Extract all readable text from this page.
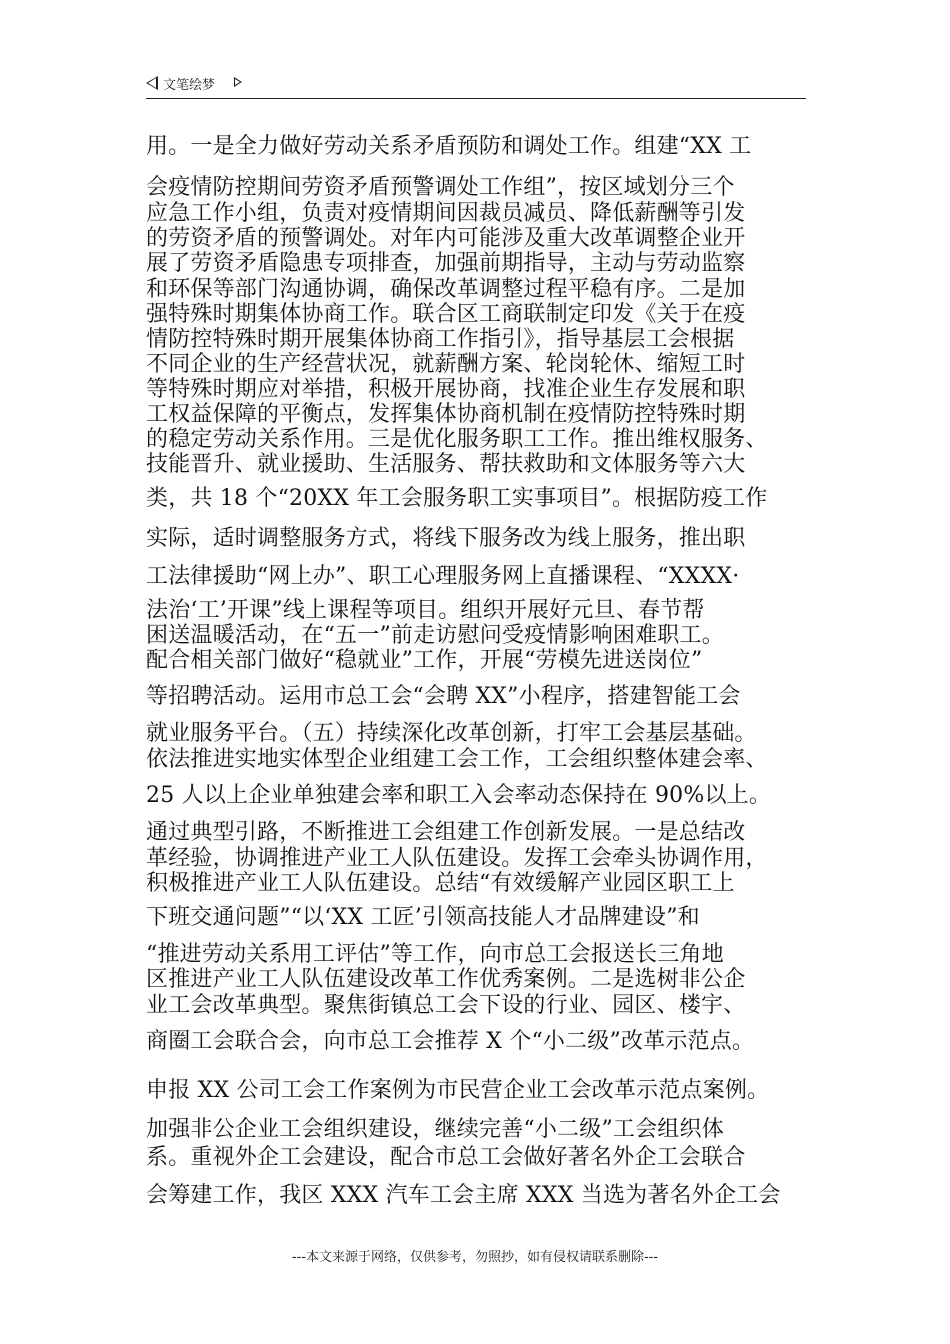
文笔绘梦
用。一是全力做好劳动关系矛盾预防和调处工作。组建“XX 工
会疫情防控期间劳资矛盾预警调处工作组”，按区域划分三个
应急工作小组，负责对疫情期间因裁员减员、降低薪酬等引发
的劳资矛盾的预警调处。对年内可能涉及重大改革调整企业开
展了劳资矛盾隐患专项排查，加强前期指导，主动与劳动监察
和环保等部门沟通协调，确保改革调整过程平稳有序。二是加
强特殊时期集体协商工作。联合区工商联制定印发《关于在疫
情防控特殊时期开展集体协商工作指引》，指导基层工会根据
不同企业的生产经营状况，就薪酬方案、轮岗轮休、缩短工时
等特殊时期应对举措，积极开展协商，找准企业生存发展和职
工权益保障的平衡点，发挥集体协商机制在疫情防控特殊时期
的稳定劳动关系作用。三是优化服务职工工作。推出维权服务、
技能晋升、就业援助、生活服务、帮扶救助和文体服务等六大
类，共 18 个“20XX 年工会服务职工实事项目”。根据防疫工作
实际，适时调整服务方式，将线下服务改为线上服务，推出职
工法律援助“网上办”、职工心理服务网上直播课程、“XXXX·
法治‘工’开课”线上课程等项目。组织开展好元旦、春节帮
困送温暖活动，在“五一”前走访慰问受疫情影响困难职工。
配合相关部门做好“稳就业”工作，开展“劳模先进送岗位”
等招聘活动。运用市总工会“会聘 XX”小程序，搭建智能工会
就业服务平台。（五）持续深化改革创新，打牢工会基层基础。
依法推进实地实体型企业组建工会工作，工会组织整体建会率、
25 人以上企业单独建会率和职工入会率动态保持在 90%以上。
通过典型引路，不断推进工会组建工作创新发展。一是总结改
革经验，协调推进产业工人队伍建设。发挥工会牵头协调作用，
积极推进产业工人队伍建设。总结“有效缓解产业园区职工上
下班交通问题”“以‘XX 工匠’引领高技能人才品牌建设”和
“推进劳动关系用工评估”等工作，向市总工会报送长三角地
区推进产业工人队伍建设改革工作优秀案例。二是选树非公企
业工会改革典型。聚焦街镇总工会下设的行业、园区、楼宇、
商圈工会联合会，向市总工会推荐 X 个“小二级”改革示范点。
申报 XX 公司工会工作案例为市民营企业工会改革示范点案例。
加强非公企业工会组织建设，继续完善“小二级”工会组织体
系。重视外企工会建设，配合市总工会做好著名外企工会联合
会筹建工作，我区 XXX 汽车工会主席 XXX 当选为著名外企工会
---本文来源于网络，仅供参考，勿照抄，如有侵权请联系删除---
